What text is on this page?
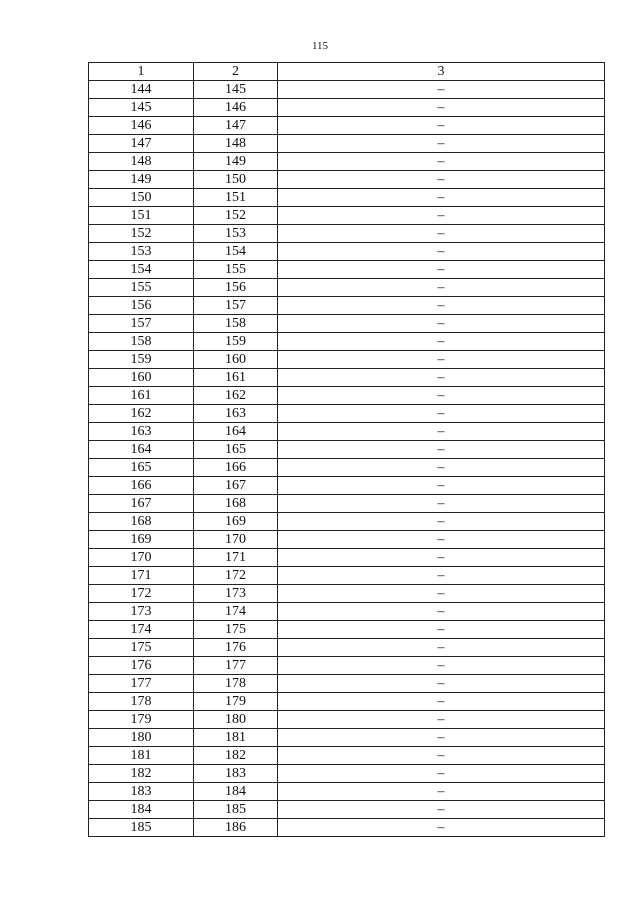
115
1	2	3
144	145	–
145	146	–
146	147	–
147	148	–
148	149	–
149	150	–
150	151	–
151	152	–
152	153	–
153	154	–
154	155	–
155	156	–
156	157	–
157	158	–
158	159	–
159	160	–
160	161	–
161	162	–
162	163	–
163	164	–
164	165	–
165	166	–
166	167	–
167	168	–
168	169	–
169	170	–
170	171	–
171	172	–
172	173	–
173	174	–
174	175	–
175	176	–
176	177	–
177	178	–
178	179	–
179	180	–
180	181	–
181	182	–
182	183	–
183	184	–
184	185	–
185	186	–
